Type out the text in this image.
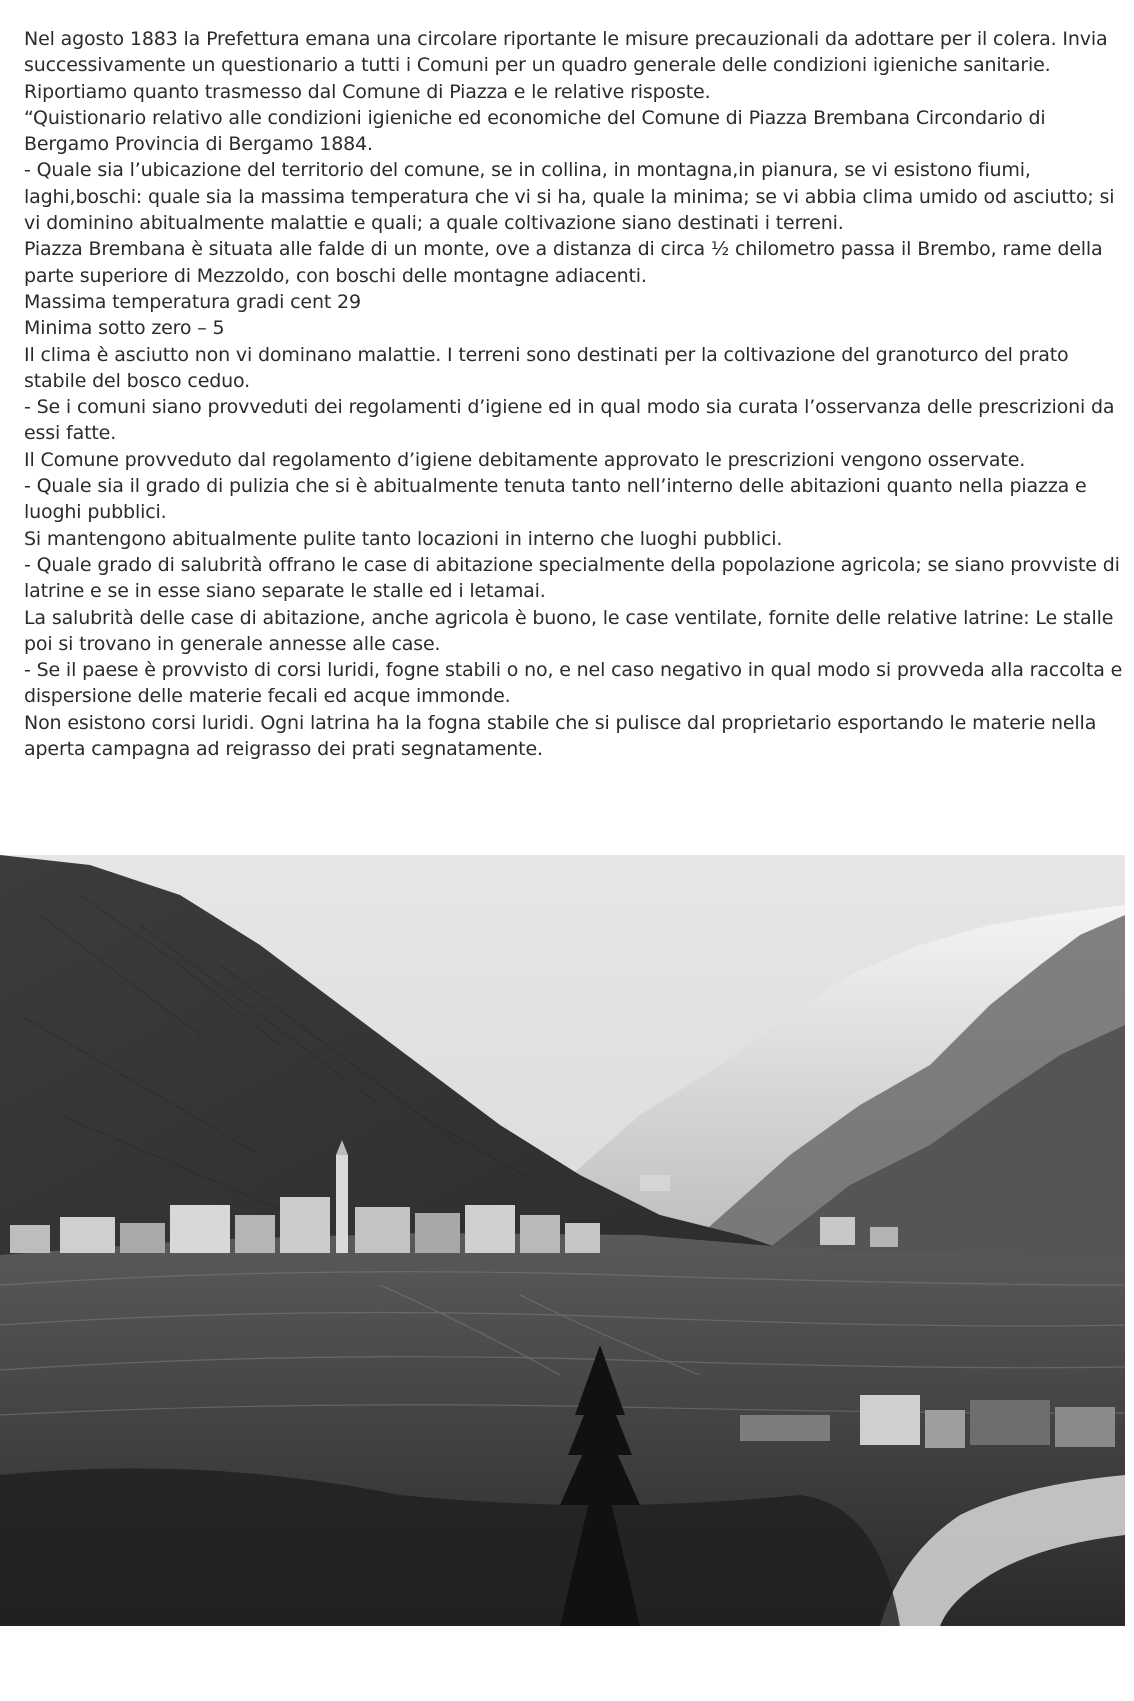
Nel agosto 1883 la Prefettura emana una circolare riportante le misure precauzionali da adottare per il colera. Invia successivamente un questionario a tutti i Comuni per un quadro generale delle condizioni igieniche sanitarie.

Riportiamo quanto trasmesso dal Comune di Piazza e le relative risposte.

“Quistionario relativo alle condizioni igieniche ed economiche del Comune di Piazza Brembana Circondario di Bergamo Provincia di Bergamo 1884.

- Quale sia l’ubicazione del territorio del comune, se in collina, in montagna,in pianura, se vi esistono fiumi, laghi,boschi: quale sia la massima temperatura che vi si ha, quale la minima; se vi abbia clima umido od asciutto; si vi dominino abitualmente malattie e quali; a quale coltivazione siano destinati i terreni.

Piazza Brembana è situata alle falde di un monte, ove a distanza di circa ½ chilometro passa il Brembo, rame della parte superiore di Mezzoldo, con boschi delle montagne adiacenti.

Massima temperatura gradi cent 29

Minima sotto zero – 5

Il clima è asciutto non vi dominano malattie. I terreni sono destinati per la coltivazione del granoturco del prato stabile del bosco ceduo.

- Se i comuni siano provveduti dei regolamenti d’igiene ed in qual modo sia curata l’osservanza delle prescrizioni da essi fatte.

Il Comune provveduto dal regolamento d’igiene debitamente approvato le prescrizioni vengono osservate.

- Quale sia il grado di pulizia che si è abitualmente tenuta tanto nell’interno delle abitazioni quanto nella piazza e luoghi pubblici.

Si mantengono abitualmente pulite tanto locazioni in interno che luoghi pubblici.

- Quale grado di salubrità offrano le case di abitazione specialmente della popolazione agricola; se siano provviste di latrine e se in esse siano separate le stalle ed i letamai.

La salubrità delle case di abitazione, anche agricola è buono, le case ventilate, fornite delle relative latrine: Le stalle poi si trovano in generale annesse alle case.

- Se il paese è provvisto di corsi luridi, fogne stabili o no, e nel caso negativo in qual modo si provveda alla raccolta e dispersione delle materie fecali ed acque immonde.

Non esistono corsi luridi. Ogni latrina ha la fogna stabile che si pulisce dal proprietario esportando le materie nella aperta campagna ad reigrasso dei prati segnatamente.
